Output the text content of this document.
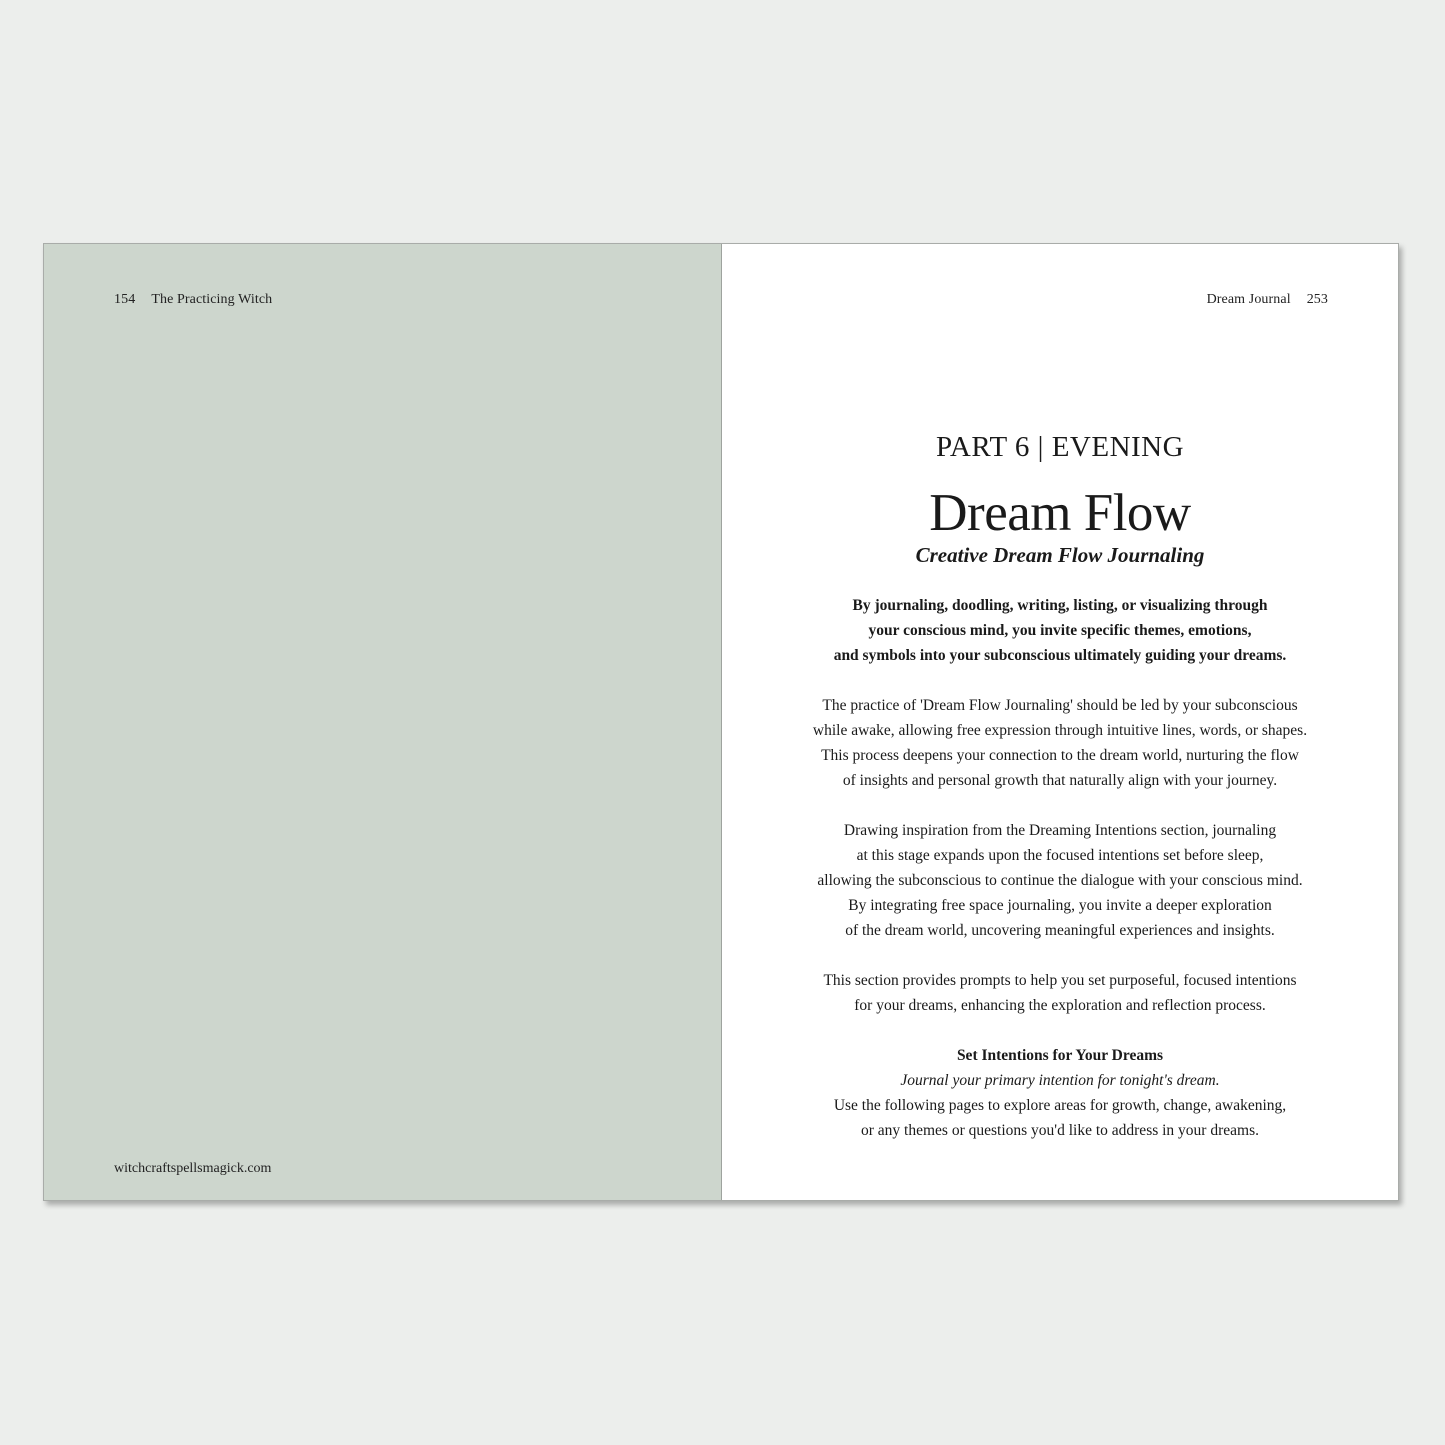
154 The Practicing Witch
witchcraftspellsmagick.com
Dream Journal 253
PART 6 | EVENING
Dream Flow

Creative Dream Flow Journaling

By journaling, doodling, writing, listing, or visualizing through
your conscious mind, you invite specific themes, emotions,
and symbols into your subconscious ultimately guiding your dreams.

The practice of 'Dream Flow Journaling' should be led by your subconscious
while awake, allowing free expression through intuitive lines, words, or shapes.
This process deepens your connection to the dream world, nurturing the flow
of insights and personal growth that naturally align with your journey.

Drawing inspiration from the Dreaming Intentions section, journaling
at this stage expands upon the focused intentions set before sleep,
allowing the subconscious to continue the dialogue with your conscious mind.
By integrating free space journaling, you invite a deeper exploration
of the dream world, uncovering meaningful experiences and insights.

This section provides prompts to help you set purposeful, focused intentions
for your dreams, enhancing the exploration and reflection process.

Set Intentions for Your Dreams
Journal your primary intention for tonight's dream.
Use the following pages to explore areas for growth, change, awakening,
or any themes or questions you'd like to address in your dreams.
